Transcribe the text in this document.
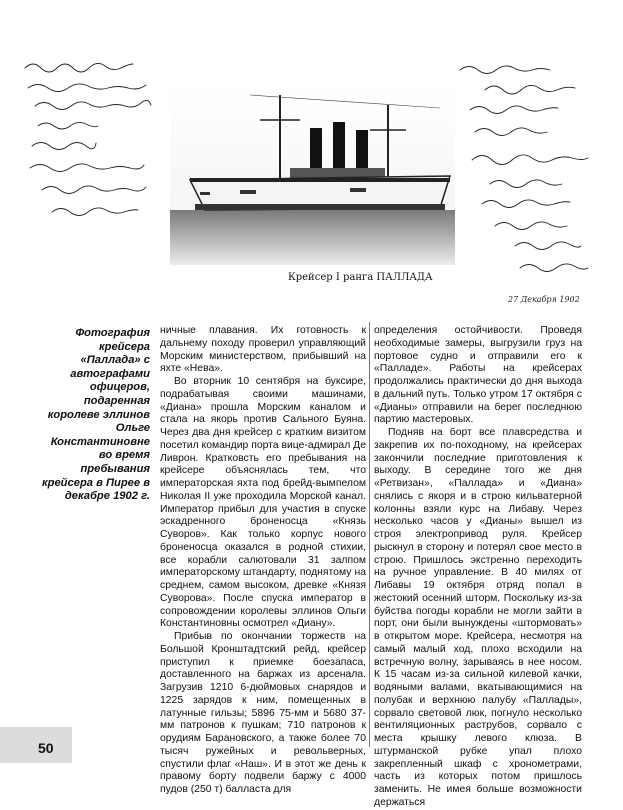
Крейсер I ранга ПАЛЛАДА
27 Декабря 1902
Фотография крейсера «Паллада» с автографами офицеров, подаренная королеве эллинов Ольге Константиновне во время пребывания крейсера в Пирее в декабре 1902 г.

ничные плавания. Их готовность к дальнему походу проверил управляющий Морским министерством, прибывший на яхте «Нева».

Во вторник 10 сентября на буксире, подрабатывая своими машинами, «Диана» прошла Морским каналом и стала на якорь против Сального Буяна. Через два дня крейсер с кратким визитом посетил командир порта вице-адмирал Де Ливрон. Кратковсть его пребывания на крейсере объяснялась тем, что императорская яхта под брейд-вымпелом Николая II уже проходила Морской канал. Император прибыл для участия в спуске эскадренного броненосца «Князь Суворов». Как только корпус нового броненосца оказался в родной стихии, все корабли салютовали 31 залпом императорскому штандарту, поднятому на среднем, самом высоком, древке «Князя Суворова». После спуска император в сопровождении королевы эллинов Ольги Константиновны осмотрел «Диану».

Прибыв по окончании торжеств на Большой Кронштадтский рейд, крейсер приступил к приемке боезапаса, доставленного на баржах из арсенала. Загрузив 1210 6-дюймовых снарядов и 1225 зарядов к ним, помещенных в латунные гильзы; 5896 75-мм и 5680 37-мм патронов к пушкам; 710 патронов к орудиям Барановского, а также более 70 тысяч ружейных и револьверных, спустили флаг «Наш». И в этот же день к правому борту подвели баржу с 4000 пудов (250 т) балласта для

определения остойчивости. Проведя необходимые замеры, выгрузили груз на портовое судно и отправили его к «Палладе». Работы на крейсерах продолжались практически до дня выхода в дальний путь. Только утром 17 октября с «Дианы» отправили на берег последнюю партию мастеровых.

Подняв на борт все плавсредства и закрепив их по-походному, на крейсерах закончили последние приготовления к выходу. В середине того же дня «Ретвизан», «Паллада» и «Диана» снялись с якоря и в строю кильватерной колонны взяли курс на Либаву. Через несколько часов у «Дианы» вышел из строя электропривод руля. Крейсер рыскнул в сторону и потерял свое место в строю. Пришлось экстренно переходить на ручное управление. В 40 милях от Либавы 19 октября отряд попал в жестокий осенний шторм. Поскольку из-за буйства погоды корабли не могли зайти в порт, они были вынуждены «штормовать» в открытом море. Крейсера, несмотря на самый малый ход, плохо всходили на встречную волну, зарываясь в нее носом. К 15 часам из-за сильной килевой качки, водяными валами, вкатывающимися на полубак и верхнюю палубу «Паллады», сорвало световой люк, погнуло несколько вентиляционных раструбов, сорвало с места крышку левого клюза. В штурманской рубке упал плохо закрепленный шкаф с хронометрами, часть из которых потом пришлось заменить. Не имея больше возможности держаться

50
